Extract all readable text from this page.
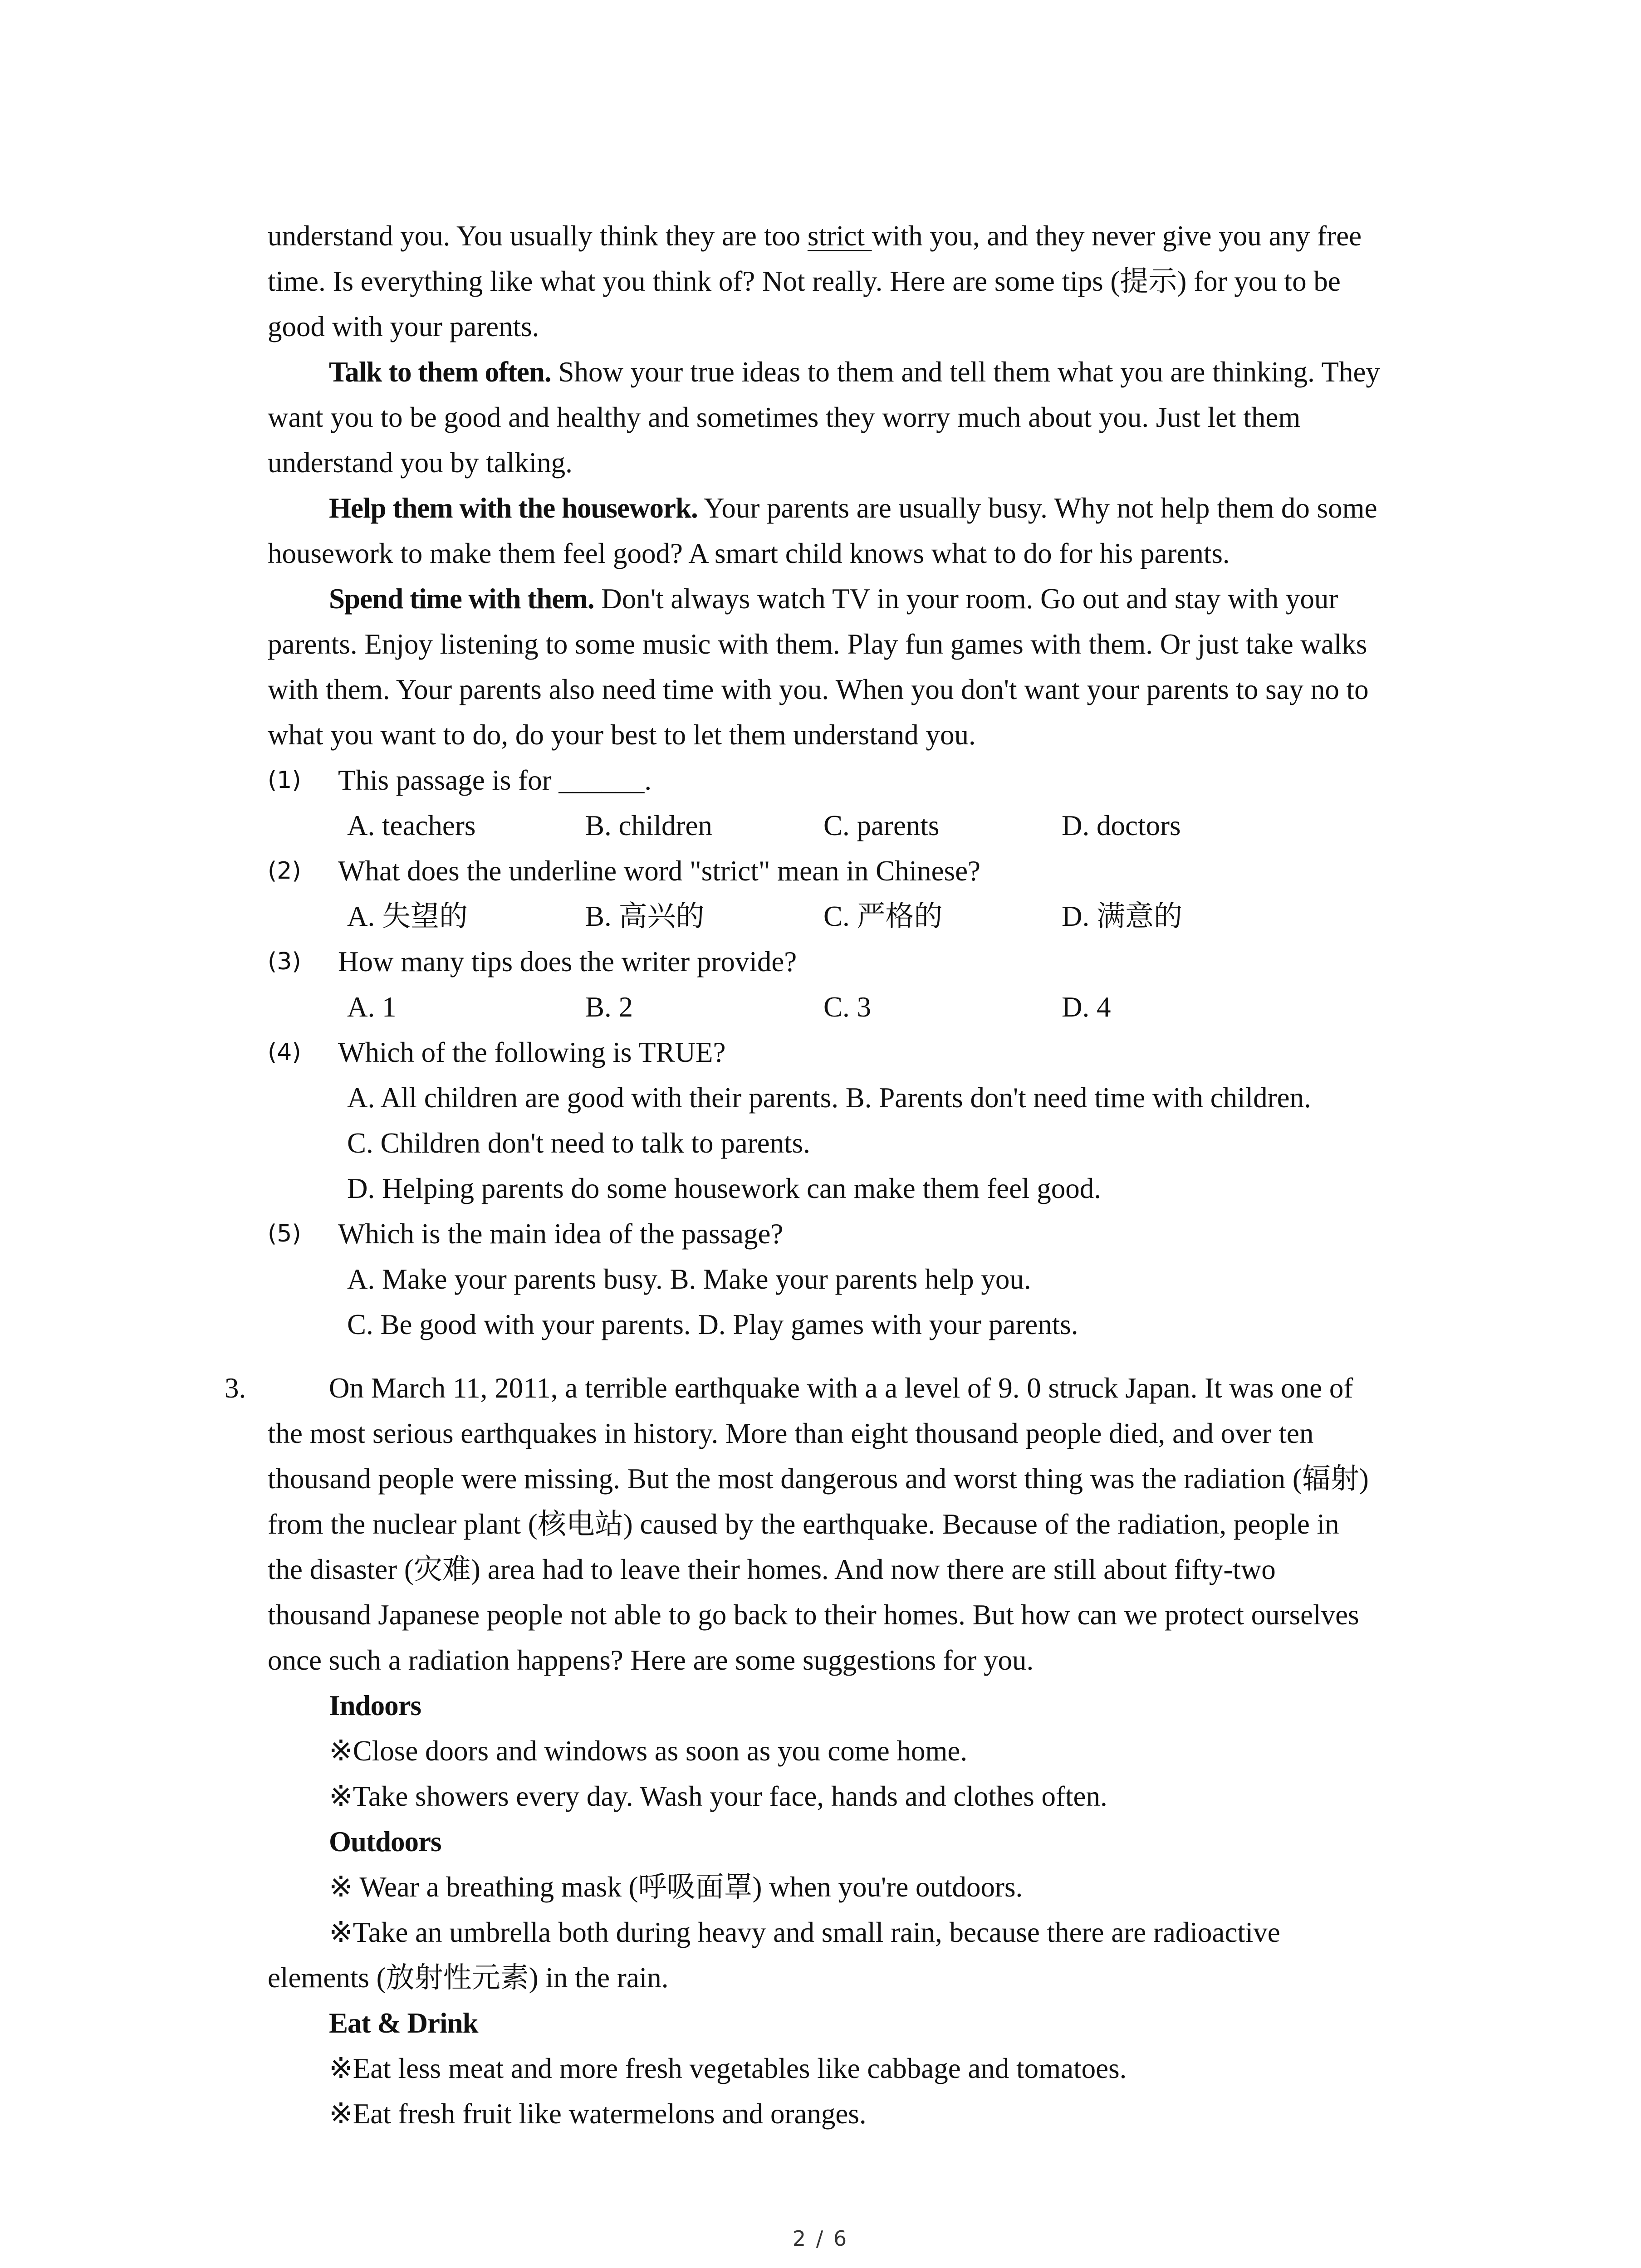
understand you. You usually think they are too strict with you, and they never give you any free
time. Is everything like what you think of? Not really. Here are some tips (提示) for you to be
good with your parents.
Talk to them often. Show your true ideas to them and tell them what you are thinking. They
want you to be good and healthy and sometimes they worry much about you. Just let them
understand you by talking.
Help them with the housework. Your parents are usually busy. Why not help them do some
housework to make them feel good? A smart child knows what to do for his parents.
Spend time with them. Don't always watch TV in your room. Go out and stay with your
parents. Enjoy listening to some music with them. Play fun games with them. Or just take walks
with them. Your parents also need time with you. When you don't want your parents to say no to
what you want to do, do your best to let them understand you.
(1) This passage is for ______.
A. teachers	B. children	C. parents	D. doctors
(2) What does the underline word "strict" mean in Chinese?
A. 失望的	B. 高兴的	C. 严格的	D. 满意的
(3) How many tips does the writer provide?
A. 1	B. 2	C. 3	D. 4
(4) Which of the following is TRUE?
A. All children are good with their parents. B. Parents don't need time with children.
C. Children don't need to talk to parents.
D. Helping parents do some housework can make them feel good.
(5) Which is the main idea of the passage?
A. Make your parents busy. B. Make your parents help you.
C. Be good with your parents. D. Play games with your parents.
3.	On March 11, 2011, a terrible earthquake with a a level of 9. 0 struck Japan. It was one of
the most serious earthquakes in history. More than eight thousand people died, and over ten
thousand people were missing. But the most dangerous and worst thing was the radiation (辐射)
from the nuclear plant (核电站) caused by the earthquake. Because of the radiation, people in
the disaster (灾难) area had to leave their homes. And now there are still about fifty-two
thousand Japanese people not able to go back to their homes. But how can we protect ourselves
once such a radiation happens? Here are some suggestions for you.
Indoors
※Close doors and windows as soon as you come home.
※Take showers every day. Wash your face, hands and clothes often.
Outdoors
※ Wear a breathing mask (呼吸面罩) when you're outdoors.
※Take an umbrella both during heavy and small rain, because there are radioactive
elements (放射性元素) in the rain.
Eat & Drink
※Eat less meat and more fresh vegetables like cabbage and tomatoes.
※Eat fresh fruit like watermelons and oranges.
2 / 6
